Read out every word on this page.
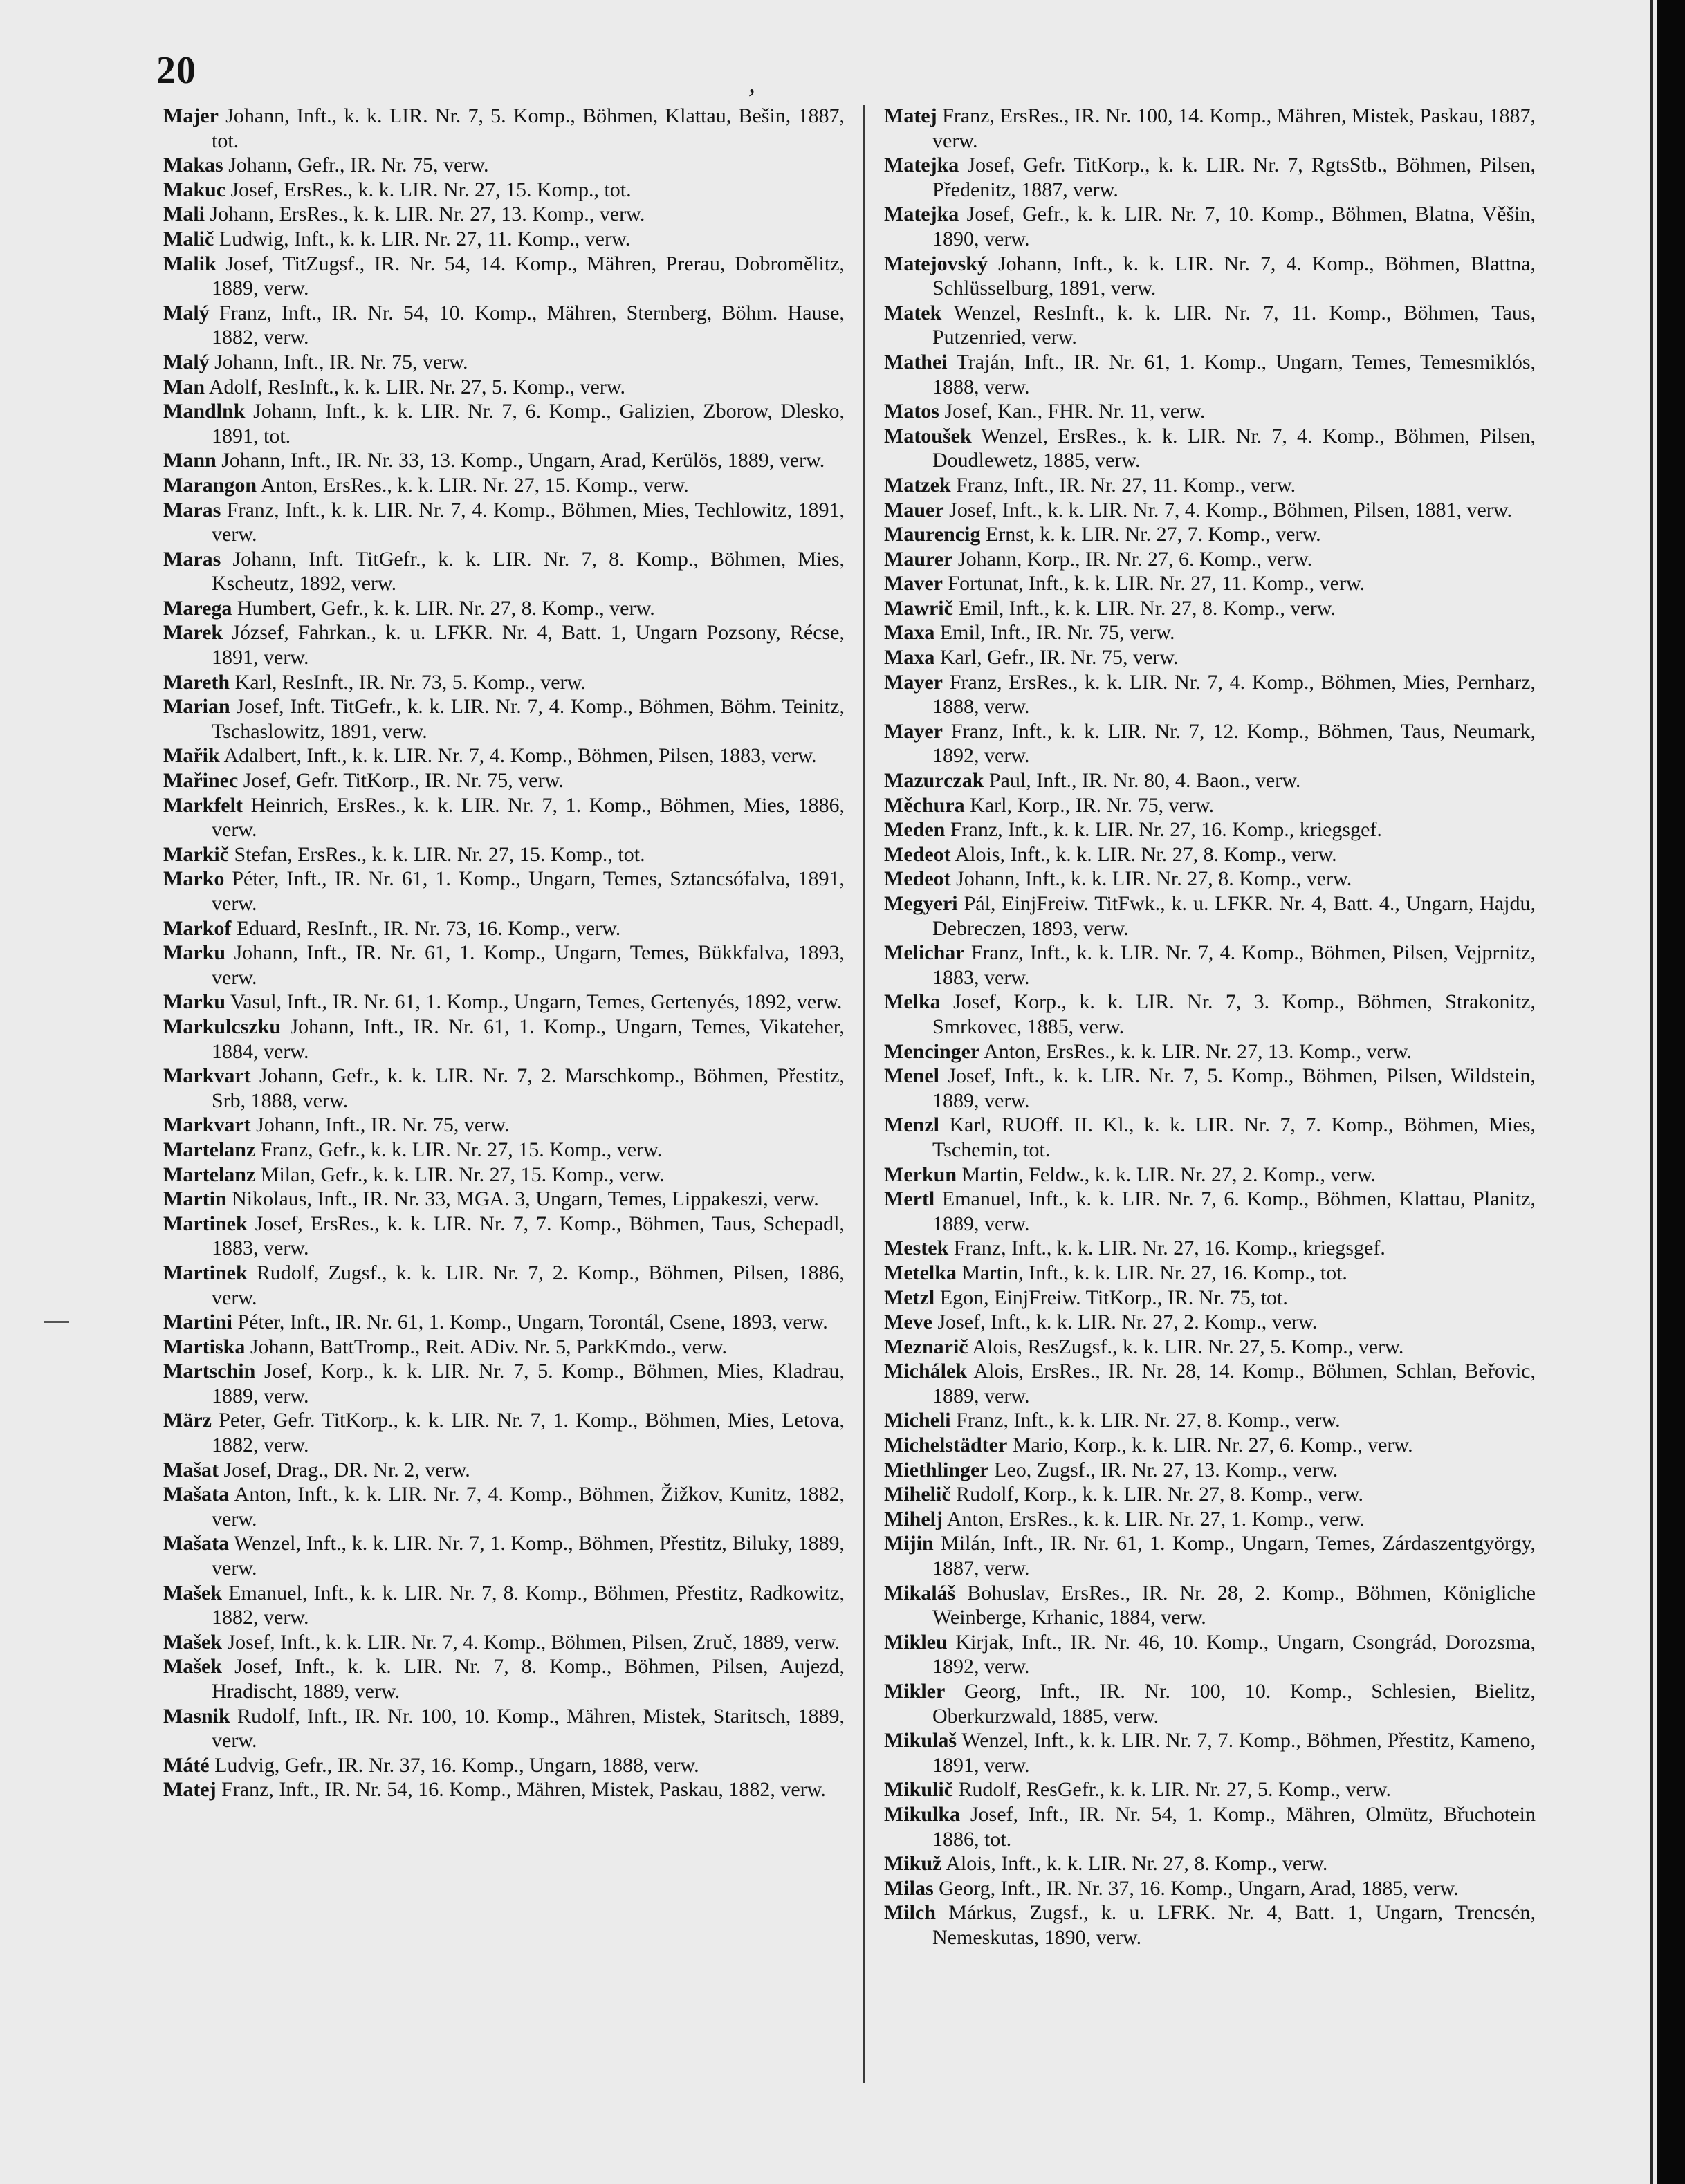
20	,

Majer Johann, Inft., k. k. LIR. Nr. 7, 5. Komp., Böhmen, Klattau, Bešin, 1887, tot.

Makas Johann, Gefr., IR. Nr. 75, verw.

Makuc Josef, ErsRes., k. k. LIR. Nr. 27, 15. Komp., tot.

Mali Johann, ErsRes., k. k. LIR. Nr. 27, 13. Komp., verw.

Malič Ludwig, Inft., k. k. LIR. Nr. 27, 11. Komp., verw.

Malik Josef, TitZugsf., IR. Nr. 54, 14. Komp., Mähren, Prerau, Dobromělitz, 1889, verw.

Malý Franz, Inft., IR. Nr. 54, 10. Komp., Mähren, Sternberg, Böhm. Hause, 1882, verw.

Malý Johann, Inft., IR. Nr. 75, verw.

Man Adolf, ResInft., k. k. LIR. Nr. 27, 5. Komp., verw.

Mandlnk Johann, Inft., k. k. LIR. Nr. 7, 6. Komp., Galizien, Zborow, Dlesko, 1891, tot.

Mann Johann, Inft., IR. Nr. 33, 13. Komp., Ungarn, Arad, Kerülös, 1889, verw.

Marangon Anton, ErsRes., k. k. LIR. Nr. 27, 15. Komp., verw.

Maras Franz, Inft., k. k. LIR. Nr. 7, 4. Komp., Böhmen, Mies, Techlowitz, 1891, verw.

Maras Johann, Inft. TitGefr., k. k. LIR. Nr. 7, 8. Komp., Böhmen, Mies, Kscheutz, 1892, verw.

Marega Humbert, Gefr., k. k. LIR. Nr. 27, 8. Komp., verw.

Marek József, Fahrkan., k. u. LFKR. Nr. 4, Batt. 1, Ungarn Pozsony, Récse, 1891, verw.

Mareth Karl, ResInft., IR. Nr. 73, 5. Komp., verw.

Marian Josef, Inft. TitGefr., k. k. LIR. Nr. 7, 4. Komp., Böhmen, Böhm. Teinitz, Tschaslowitz, 1891, verw.

Mařik Adalbert, Inft., k. k. LIR. Nr. 7, 4. Komp., Böhmen, Pilsen, 1883, verw.

Mařinec Josef, Gefr. TitKorp., IR. Nr. 75, verw.

Markfelt Heinrich, ErsRes., k. k. LIR. Nr. 7, 1. Komp., Böhmen, Mies, 1886, verw.

Markič Stefan, ErsRes., k. k. LIR. Nr. 27, 15. Komp., tot.

Marko Péter, Inft., IR. Nr. 61, 1. Komp., Ungarn, Temes, Sztancsófalva, 1891, verw.

Markof Eduard, ResInft., IR. Nr. 73, 16. Komp., verw.

Marku Johann, Inft., IR. Nr. 61, 1. Komp., Ungarn, Temes, Bükkfalva, 1893, verw.

Marku Vasul, Inft., IR. Nr. 61, 1. Komp., Ungarn, Temes, Gertenyés, 1892, verw.

Markulcszku Johann, Inft., IR. Nr. 61, 1. Komp., Ungarn, Temes, Vikateher, 1884, verw.

Markvart Johann, Gefr., k. k. LIR. Nr. 7, 2. Marschkomp., Böhmen, Přestitz, Srb, 1888, verw.

Markvart Johann, Inft., IR. Nr. 75, verw.

Martelanz Franz, Gefr., k. k. LIR. Nr. 27, 15. Komp., verw.

Martelanz Milan, Gefr., k. k. LIR. Nr. 27, 15. Komp., verw.

Martin Nikolaus, Inft., IR. Nr. 33, MGA. 3, Ungarn, Temes, Lippakeszi, verw.

Martinek Josef, ErsRes., k. k. LIR. Nr. 7, 7. Komp., Böhmen, Taus, Schepadl, 1883, verw.

Martinek Rudolf, Zugsf., k. k. LIR. Nr. 7, 2. Komp., Böhmen, Pilsen, 1886, verw.

Martini Péter, Inft., IR. Nr. 61, 1. Komp., Ungarn, Torontál, Csene, 1893, verw.

Martiska Johann, BattTromp., Reit. ADiv. Nr. 5, ParkKmdo., verw.

Martschin Josef, Korp., k. k. LIR. Nr. 7, 5. Komp., Böhmen, Mies, Kladrau, 1889, verw.

März Peter, Gefr. TitKorp., k. k. LIR. Nr. 7, 1. Komp., Böhmen, Mies, Letova, 1882, verw.

Mašat Josef, Drag., DR. Nr. 2, verw.

Mašata Anton, Inft., k. k. LIR. Nr. 7, 4. Komp., Böhmen, Žižkov, Kunitz, 1882, verw.

Mašata Wenzel, Inft., k. k. LIR. Nr. 7, 1. Komp., Böhmen, Přestitz, Biluky, 1889, verw.

Mašek Emanuel, Inft., k. k. LIR. Nr. 7, 8. Komp., Böhmen, Přestitz, Radkowitz, 1882, verw.

Mašek Josef, Inft., k. k. LIR. Nr. 7, 4. Komp., Böhmen, Pilsen, Zruč, 1889, verw.

Mašek Josef, Inft., k. k. LIR. Nr. 7, 8. Komp., Böhmen, Pilsen, Aujezd, Hradischt, 1889, verw.

Masnik Rudolf, Inft., IR. Nr. 100, 10. Komp., Mähren, Mistek, Staritsch, 1889, verw.

Máté Ludvig, Gefr., IR. Nr. 37, 16. Komp., Ungarn, 1888, verw.

Matej Franz, Inft., IR. Nr. 54, 16. Komp., Mähren, Mistek, Paskau, 1882, verw.

Matej Franz, ErsRes., IR. Nr. 100, 14. Komp., Mähren, Mistek, Paskau, 1887, verw.

Matejka Josef, Gefr. TitKorp., k. k. LIR. Nr. 7, RgtsStb., Böhmen, Pilsen, Předenitz, 1887, verw.

Matejka Josef, Gefr., k. k. LIR. Nr. 7, 10. Komp., Böhmen, Blatna, Věšin, 1890, verw.

Matejovský Johann, Inft., k. k. LIR. Nr. 7, 4. Komp., Böhmen, Blattna, Schlüsselburg, 1891, verw.

Matek Wenzel, ResInft., k. k. LIR. Nr. 7, 11. Komp., Böhmen, Taus, Putzenried, verw.

Mathei Traján, Inft., IR. Nr. 61, 1. Komp., Ungarn, Temes, Temesmiklós, 1888, verw.

Matos Josef, Kan., FHR. Nr. 11, verw.

Matoušek Wenzel, ErsRes., k. k. LIR. Nr. 7, 4. Komp., Böhmen, Pilsen, Doudlewetz, 1885, verw.

Matzek Franz, Inft., IR. Nr. 27, 11. Komp., verw.

Mauer Josef, Inft., k. k. LIR. Nr. 7, 4. Komp., Böhmen, Pilsen, 1881, verw.

Maurencig Ernst, k. k. LIR. Nr. 27, 7. Komp., verw.

Maurer Johann, Korp., IR. Nr. 27, 6. Komp., verw.

Maver Fortunat, Inft., k. k. LIR. Nr. 27, 11. Komp., verw.

Mawrič Emil, Inft., k. k. LIR. Nr. 27, 8. Komp., verw.

Maxa Emil, Inft., IR. Nr. 75, verw.

Maxa Karl, Gefr., IR. Nr. 75, verw.

Mayer Franz, ErsRes., k. k. LIR. Nr. 7, 4. Komp., Böhmen, Mies, Pernharz, 1888, verw.

Mayer Franz, Inft., k. k. LIR. Nr. 7, 12. Komp., Böhmen, Taus, Neumark, 1892, verw.

Mazurczak Paul, Inft., IR. Nr. 80, 4. Baon., verw.

Měchura Karl, Korp., IR. Nr. 75, verw.

Meden Franz, Inft., k. k. LIR. Nr. 27, 16. Komp., kriegsgef.

Medeot Alois, Inft., k. k. LIR. Nr. 27, 8. Komp., verw.

Medeot Johann, Inft., k. k. LIR. Nr. 27, 8. Komp., verw.

Megyeri Pál, EinjFreiw. TitFwk., k. u. LFKR. Nr. 4, Batt. 4., Ungarn, Hajdu, Debreczen, 1893, verw.

Melichar Franz, Inft., k. k. LIR. Nr. 7, 4. Komp., Böhmen, Pilsen, Vejprnitz, 1883, verw.

Melka Josef, Korp., k. k. LIR. Nr. 7, 3. Komp., Böhmen, Strakonitz, Smrkovec, 1885, verw.

Mencinger Anton, ErsRes., k. k. LIR. Nr. 27, 13. Komp., verw.

Menel Josef, Inft., k. k. LIR. Nr. 7, 5. Komp., Böhmen, Pilsen, Wildstein, 1889, verw.

Menzl Karl, RUOff. II. Kl., k. k. LIR. Nr. 7, 7. Komp., Böhmen, Mies, Tschemin, tot.

Merkun Martin, Feldw., k. k. LIR. Nr. 27, 2. Komp., verw.

Mertl Emanuel, Inft., k. k. LIR. Nr. 7, 6. Komp., Böhmen, Klattau, Planitz, 1889, verw.

Mestek Franz, Inft., k. k. LIR. Nr. 27, 16. Komp., kriegsgef.

Metelka Martin, Inft., k. k. LIR. Nr. 27, 16. Komp., tot.

Metzl Egon, EinjFreiw. TitKorp., IR. Nr. 75, tot.

Meve Josef, Inft., k. k. LIR. Nr. 27, 2. Komp., verw.

Meznarič Alois, ResZugsf., k. k. LIR. Nr. 27, 5. Komp., verw.

Michálek Alois, ErsRes., IR. Nr. 28, 14. Komp., Böhmen, Schlan, Beřovic, 1889, verw.

Micheli Franz, Inft., k. k. LIR. Nr. 27, 8. Komp., verw.

Michelstädter Mario, Korp., k. k. LIR. Nr. 27, 6. Komp., verw.

Miethlinger Leo, Zugsf., IR. Nr. 27, 13. Komp., verw.

Mihelič Rudolf, Korp., k. k. LIR. Nr. 27, 8. Komp., verw.

Mihelj Anton, ErsRes., k. k. LIR. Nr. 27, 1. Komp., verw.

Mijin Milán, Inft., IR. Nr. 61, 1. Komp., Ungarn, Temes, Zárdaszentgyörgy, 1887, verw.

Mikaláš Bohuslav, ErsRes., IR. Nr. 28, 2. Komp., Böhmen, Königliche Weinberge, Krhanic, 1884, verw.

Mikleu Kirjak, Inft., IR. Nr. 46, 10. Komp., Ungarn, Csongrád, Dorozsma, 1892, verw.

Mikler Georg, Inft., IR. Nr. 100, 10. Komp., Schlesien, Bielitz, Oberkurzwald, 1885, verw.

Mikulaš Wenzel, Inft., k. k. LIR. Nr. 7, 7. Komp., Böhmen, Přestitz, Kameno, 1891, verw.

Mikulič Rudolf, ResGefr., k. k. LIR. Nr. 27, 5. Komp., verw.

Mikulka Josef, Inft., IR. Nr. 54, 1. Komp., Mähren, Olmütz, Břuchotein 1886, tot.

Mikuž Alois, Inft., k. k. LIR. Nr. 27, 8. Komp., verw.

Milas Georg, Inft., IR. Nr. 37, 16. Komp., Ungarn, Arad, 1885, verw.

Milch Márkus, Zugsf., k. u. LFRK. Nr. 4, Batt. 1, Ungarn, Trencsén, Nemeskutas, 1890, verw.
